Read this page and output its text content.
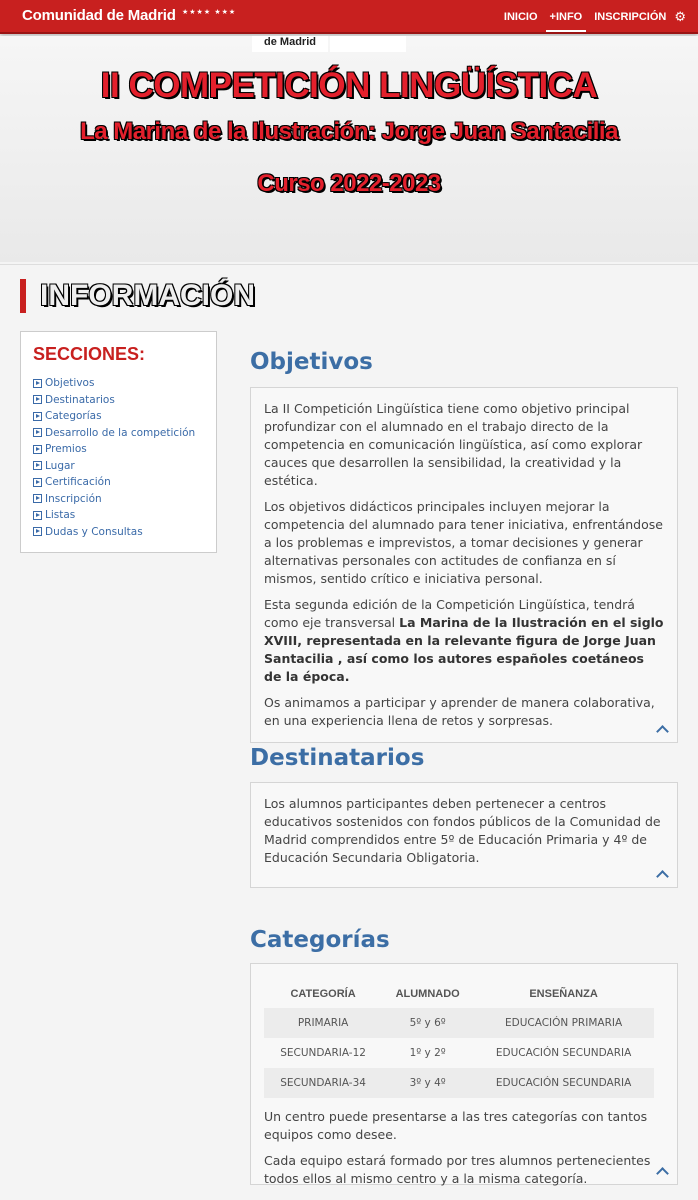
Comunidad de Madrid ★★★★ ★★★	INICIO	+INFO	INSCRIPCIÓN ⚙
de Madrid
II COMPETICIÓN LINGÜÍSTICA
La Marina de la Ilustración: Jorge Juan Santacilia
Curso 2022-2023
INFORMACIÓN
SECCIONES:
Objetivos
Destinatarios
Categorías
Desarrollo de la competición
Premios
Lugar
Certificación
Inscripción
Listas
Dudas y Consultas
Objetivos

La II Competición Lingüística tiene como objetivo principal profundizar con el alumnado en el trabajo directo de la competencia en comunicación lingüística, así como explorar cauces que desarrollen la sensibilidad, la creatividad y la estética.

Los objetivos didácticos principales incluyen mejorar la competencia del alumnado para tener iniciativa, enfrentándose a los problemas e imprevistos, a tomar decisiones y generar alternativas personales con actitudes de confianza en sí mismos, sentido crítico e iniciativa personal.

Esta segunda edición de la Competición Lingüística, tendrá como eje transversal La Marina de la Ilustración en el siglo XVIII, representada en la relevante figura de Jorge Juan Santacilia , así como los autores españoles coetáneos de la época.

Os animamos a participar y aprender de manera colaborativa, en una experiencia llena de retos y sorpresas.

Destinatarios

Los alumnos participantes deben pertenecer a centros educativos sostenidos con fondos públicos de la Comunidad de Madrid comprendidos entre 5º de Educación Primaria y 4º de Educación Secundaria Obligatoria.

Categorías
CATEGORÍA	ALUMNADO	ENSEÑANZA
PRIMARIA	5º y 6º	EDUCACIÓN PRIMARIA
SECUNDARIA-12	1º y 2º	EDUCACIÓN SECUNDARIA
SECUNDARIA-34	3º y 4º	EDUCACIÓN SECUNDARIA

Un centro puede presentarse a las tres categorías con tantos equipos como desee.

Cada equipo estará formado por tres alumnos pertenecientes todos ellos al mismo centro y a la misma categoría.
